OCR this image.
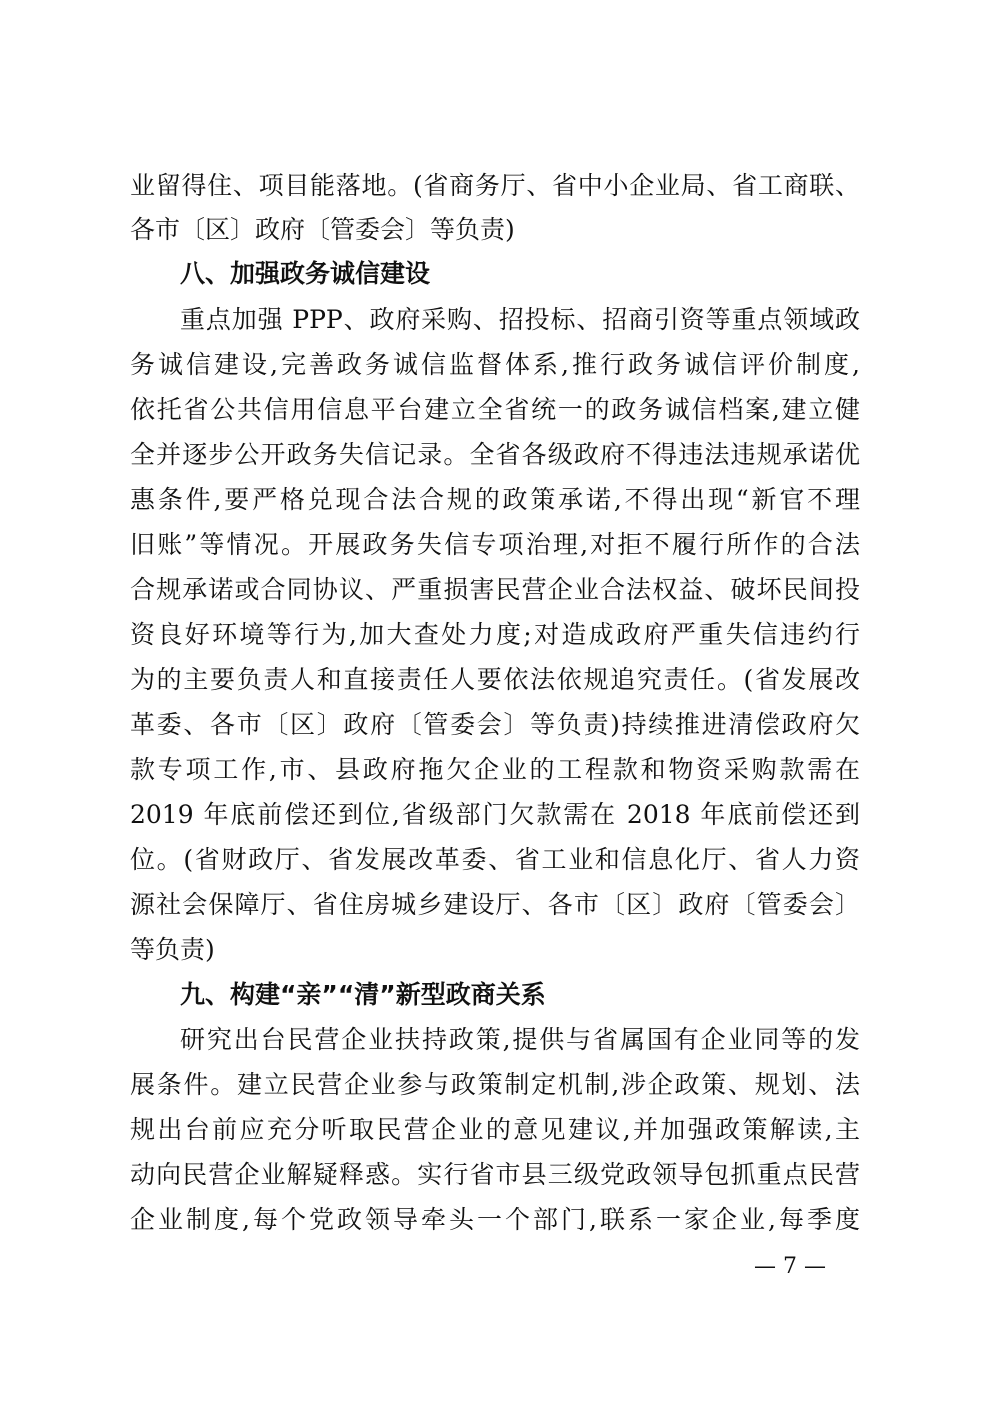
业留得住、项目能落地。(省商务厅、省中小企业局、省工商联、
各市〔区〕政府〔管委会〕等负责)
八、加强政务诚信建设
重点加强 PPP、政府采购、招投标、招商引资等重点领域政
务诚信建设,完善政务诚信监督体系,推行政务诚信评价制度,
依托省公共信用信息平台建立全省统一的政务诚信档案,建立健
全并逐步公开政务失信记录。全省各级政府不得违法违规承诺优
惠条件,要严格兑现合法合规的政策承诺,不得出现“新官不理
旧账”等情况。开展政务失信专项治理,对拒不履行所作的合法
合规承诺或合同协议、严重损害民营企业合法权益、破坏民间投
资良好环境等行为,加大查处力度;对造成政府严重失信违约行
为的主要负责人和直接责任人要依法依规追究责任。(省发展改
革委、各市〔区〕政府〔管委会〕等负责)持续推进清偿政府欠
款专项工作,市、县政府拖欠企业的工程款和物资采购款需在
2019 年底前偿还到位,省级部门欠款需在 2018 年底前偿还到
位。(省财政厅、省发展改革委、省工业和信息化厅、省人力资
源社会保障厅、省住房城乡建设厅、各市〔区〕政府〔管委会〕
等负责)
九、构建“亲”“清”新型政商关系
研究出台民营企业扶持政策,提供与省属国有企业同等的发
展条件。建立民营企业参与政策制定机制,涉企政策、规划、法
规出台前应充分听取民营企业的意见建议,并加强政策解读,主
动向民营企业解疑释惑。实行省市县三级党政领导包抓重点民营
企业制度,每个党政领导牵头一个部门,联系一家企业,每季度
— 7 —
